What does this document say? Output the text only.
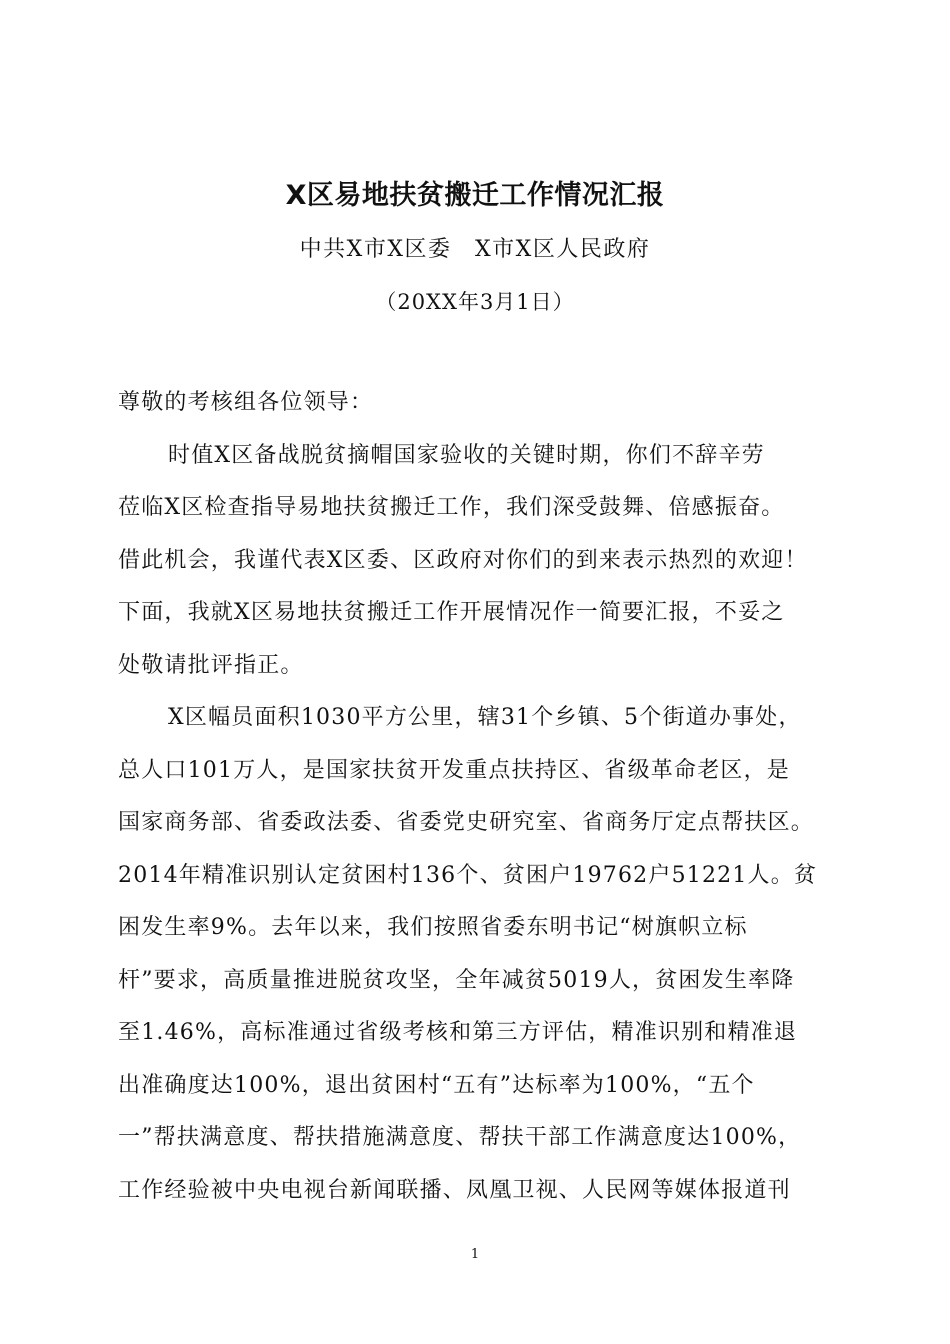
X区易地扶贫搬迁工作情况汇报
中共X市X区委　X市X区人民政府
（20XX年3月1日）
尊敬的考核组各位领导：
时值X区备战脱贫摘帽国家验收的关键时期，你们不辞辛劳
莅临X区检查指导易地扶贫搬迁工作，我们深受鼓舞、倍感振奋。
借此机会，我谨代表X区委、区政府对你们的到来表示热烈的欢迎！
下面，我就X区易地扶贫搬迁工作开展情况作一简要汇报，不妥之
处敬请批评指正。
X区幅员面积1030平方公里，辖31个乡镇、5个街道办事处，
总人口101万人，是国家扶贫开发重点扶持区、省级革命老区，是
国家商务部、省委政法委、省委党史研究室、省商务厅定点帮扶区。
2014年精准识别认定贫困村136个、贫困户19762户51221人。贫
困发生率9%。去年以来，我们按照省委东明书记“树旗帜立标
杆”要求，高质量推进脱贫攻坚，全年减贫5019人，贫困发生率降
至1.46%，高标准通过省级考核和第三方评估，精准识别和精准退
出准确度达100%，退出贫困村“五有”达标率为100%，“五个
一”帮扶满意度、帮扶措施满意度、帮扶干部工作满意度达100%，
工作经验被中央电视台新闻联播、凤凰卫视、人民网等媒体报道刊
1
